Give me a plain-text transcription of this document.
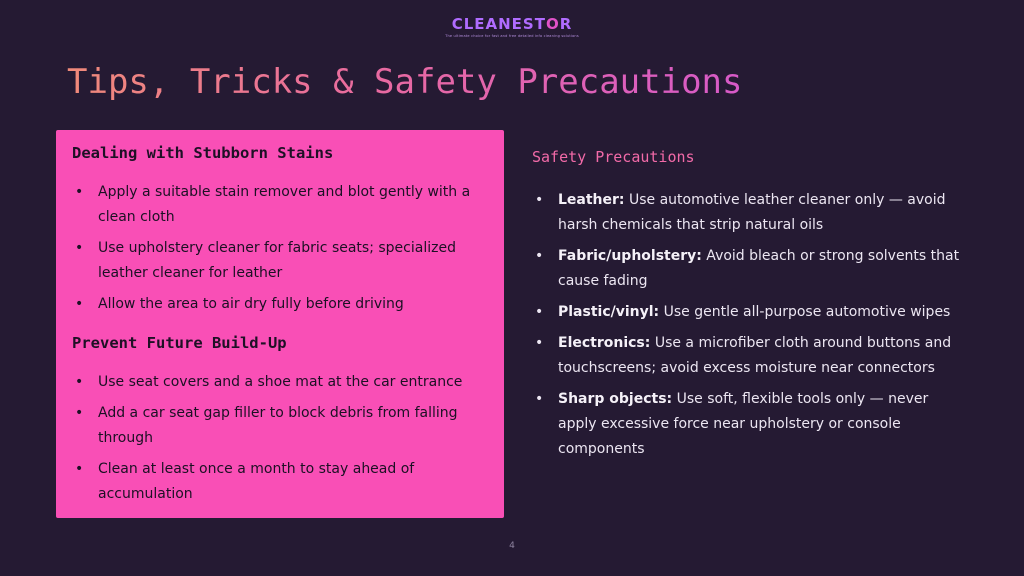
CLEANESTOR
The ultimate choice for fast and free detailed info cleaning solutions
Tips, Tricks & Safety Precautions
Dealing with Stubborn Stains
• Apply a suitable stain remover and blot gently with a clean cloth
• Use upholstery cleaner for fabric seats; specialized leather cleaner for leather
• Allow the area to air dry fully before driving
Prevent Future Build-Up
• Use seat covers and a shoe mat at the car entrance
• Add a car seat gap filler to block debris from falling through
• Clean at least once a month to stay ahead of accumulation
Safety Precautions
• Leather: Use automotive leather cleaner only — avoid harsh chemicals that strip natural oils
• Fabric/upholstery: Avoid bleach or strong solvents that cause fading
• Plastic/vinyl: Use gentle all-purpose automotive wipes
• Electronics: Use a microfiber cloth around buttons and touchscreens; avoid excess moisture near connectors
• Sharp objects: Use soft, flexible tools only — never apply excessive force near upholstery or console components
4
